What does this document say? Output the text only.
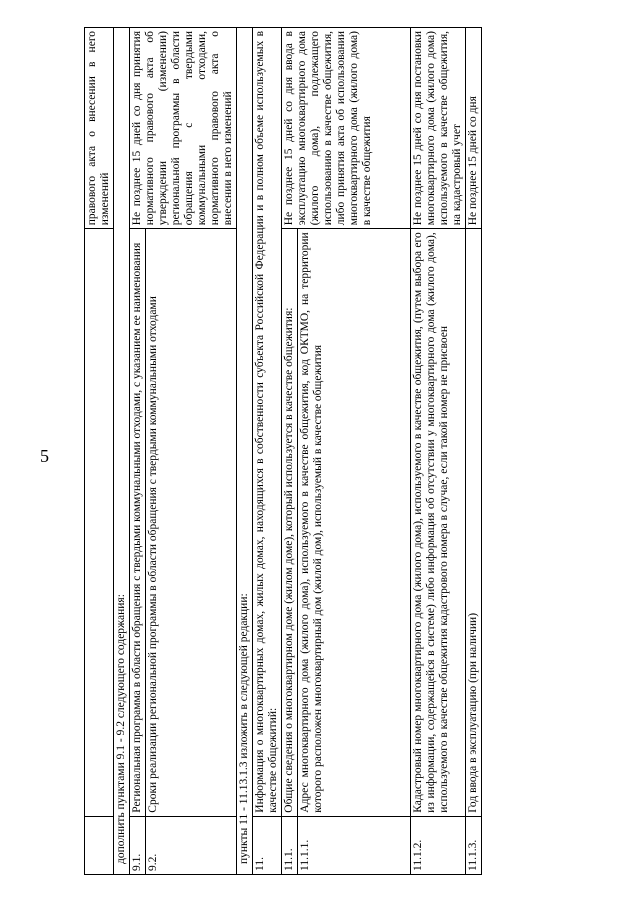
5
		правового акта о внесении в него изменений
дополнить пунктами 9.1 - 9.2 следующего содержания:		
9.1.	Региональная программа в области обращения с твердыми коммунальными отходами, с указанием ее наименования	Не позднее 15 дней со дня принятия нормативного правового акта об утверждении (изменении) региональной программы в области обращения с твердыми коммунальными отходами, нормативного правового акта о внесении в него изменений
9.2.	Сроки реализации региональной программы в области обращения с твердыми коммунальными отходами	
пункты 11 - 11.13.1.3 изложить в следующей редакции:		
11.	Информация о многоквартирных домах, жилых домах, находящихся в собственности субъекта Российской Федерации и в полном объеме используемых в качестве общежитий:	
11.1.	Общие сведения о многоквартирном доме (жилом доме), который используется в качестве общежития:	Не позднее 15 дней со дня ввода в эксплуатацию многоквартирного дома (жилого дома), подлежащего использованию в качестве общежития, либо принятия акта об использовании многоквартирного дома (жилого дома) в качестве общежития
11.1.1.	Адрес многоквартирного дома (жилого дома), используемого в качестве общежития, код ОКТМО, на территории которого расположен многоквартирный дом (жилой дом), используемый в качестве общежития	
11.1.2.	Кадастровый номер многоквартирного дома (жилого дома), используемого в качестве общежития, (путем выбора его из информации, содержащейся в системе) либо информация об отсутствии у многоквартирного дома (жилого дома), используемого в качестве общежития кадастрового номера в случае, если такой номер не присвоен	Не позднее 15 дней со дня постановки многоквартирного дома (жилого дома) используемого в качестве общежития, на кадастровый учет
11.1.3.	Год ввода в эксплуатацию (при наличии)	Не позднее 15 дней со дня
